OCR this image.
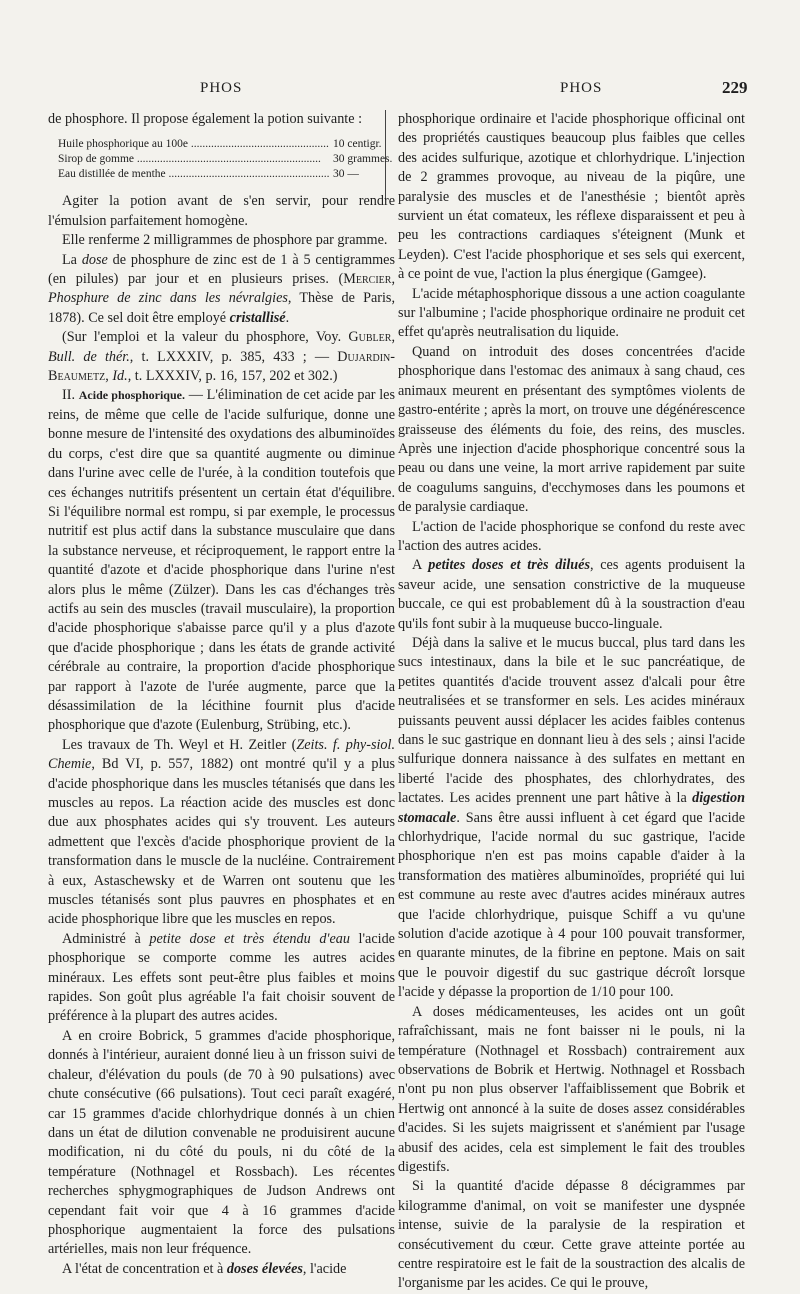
PHOS	PHOS	229

de phosphore. Il propose également la potion suivante :

Huile phosphorique au 100e .....	10 centigr.
Sirop de gomme .....	30 grammes.
Eau distillée de menthe .....	30 —

Agiter la potion avant de s'en servir, pour rendre l'émulsion parfaitement homogène.

Elle renferme 2 milligrammes de phosphore par gramme.

La dose de phosphure de zinc est de 1 à 5 centigrammes (en pilules) par jour et en plusieurs prises. (Mercier, Phosphure de zinc dans les névralgies, Thèse de Paris, 1878). Ce sel doit être employé cristallisé.

(Sur l'emploi et la valeur du phosphore, Voy. Gubler, Bull. de thér., t. LXXXIV, p. 385, 433 ; — Dujardin-Beaumetz, Id., t. LXXXIV, p. 16, 157, 202 et 302.)

II. Acide phosphorique. — L'élimination de cet acide par les reins, de même que celle de l'acide sulfurique, donne une bonne mesure de l'intensité des oxydations des albuminoïdes du corps, c'est dire que sa quantité augmente ou diminue dans l'urine avec celle de l'urée, à la condition toutefois que ces échanges nutritifs présentent un certain état d'équilibre. Si l'équilibre normal est rompu, si par exemple, le processus nutritif est plus actif dans la substance musculaire que dans la substance nerveuse, et réciproquement, le rapport entre la quantité d'azote et d'acide phosphorique dans l'urine n'est alors plus le même (Zülzer). Dans les cas d'échanges très actifs au sein des muscles (travail musculaire), la proportion d'acide phosphorique s'abaisse parce qu'il y a plus d'azote que d'acide phosphorique ; dans les états de grande activité cérébrale au contraire, la proportion d'acide phosphorique par rapport à l'azote de l'urée augmente, parce que la désassimilation de la lécithine fournit plus d'acide phosphorique que d'azote (Eulenburg, Strübing, etc.).

Les travaux de Th. Weyl et H. Zeitler (Zeits. f. phy-siol. Chemie, Bd VI, p. 557, 1882) ont montré qu'il y a plus d'acide phosphorique dans les muscles tétanisés que dans les muscles au repos. La réaction acide des muscles est donc due aux phosphates acides qui s'y trouvent. Les auteurs admettent que l'excès d'acide phosphorique provient de la transformation dans le muscle de la nucléine. Contrairement à eux, Astaschewsky et de Warren ont soutenu que les muscles tétanisés sont plus pauvres en phosphates et en acide phosphorique libre que les muscles en repos.

Administré à petite dose et très étendu d'eau l'acide phosphorique se comporte comme les autres acides minéraux. Les effets sont peut-être plus faibles et moins rapides. Son goût plus agréable l'a fait choisir souvent de préférence à la plupart des autres acides.

A en croire Bobrick, 5 grammes d'acide phosphorique, donnés à l'intérieur, auraient donné lieu à un frisson suivi de chaleur, d'élévation du pouls (de 70 à 90 pulsations) avec chute consécutive (66 pulsations). Tout ceci paraît exagéré, car 15 grammes d'acide chlorhydrique donnés à un chien dans un état de dilution convenable ne produisirent aucune modification, ni du côté du pouls, ni du côté de la température (Nothnagel et Rossbach). Les récentes recherches sphygmographiques de Judson Andrews ont cependant fait voir que 4 à 16 grammes d'acide phosphorique augmentaient la force des pulsations artérielles, mais non leur fréquence.

A l'état de concentration et à doses élevées, l'acide

phosphorique ordinaire et l'acide phosphorique officinal ont des propriétés caustiques beaucoup plus faibles que celles des acides sulfurique, azotique et chlorhydrique. L'injection de 2 grammes provoque, au niveau de la piqûre, une paralysie des muscles et de l'anesthésie ; bientôt après survient un état comateux, les réflexe disparaissent et peu à peu les contractions cardiaques s'éteignent (Munk et Leyden). C'est l'acide phosphorique et ses sels qui exercent, à ce point de vue, l'action la plus énergique (Gamgee).

L'acide métaphosphorique dissous a une action coagulante sur l'albumine ; l'acide phosphorique ordinaire ne produit cet effet qu'après neutralisation du liquide.

Quand on introduit des doses concentrées d'acide phosphorique dans l'estomac des animaux à sang chaud, ces animaux meurent en présentant des symptômes violents de gastro-entérite ; après la mort, on trouve une dégénérescence graisseuse des éléments du foie, des reins, des muscles. Après une injection d'acide phosphorique concentré sous la peau ou dans une veine, la mort arrive rapidement par suite de coagulums sanguins, d'ecchymoses dans les poumons et de paralysie cardiaque.

L'action de l'acide phosphorique se confond du reste avec l'action des autres acides.

A petites doses et très dilués, ces agents produisent la saveur acide, une sensation constrictive de la muqueuse buccale, ce qui est probablement dû à la soustraction d'eau qu'ils font subir à la muqueuse bucco-linguale.

Déjà dans la salive et le mucus buccal, plus tard dans les sucs intestinaux, dans la bile et le suc pancréatique, de petites quantités d'acide trouvent assez d'alcali pour être neutralisées et se transformer en sels. Les acides minéraux puissants peuvent aussi déplacer les acides faibles contenus dans le suc gastrique en donnant lieu à des sels ; ainsi l'acide sulfurique donnera naissance à des sulfates en mettant en liberté l'acide des phosphates, des chlorhydrates, des lactates. Les acides prennent une part hâtive à la digestion stomacale. Sans être aussi influent à cet égard que l'acide chlorhydrique, l'acide normal du suc gastrique, l'acide phosphorique n'en est pas moins capable d'aider à la transformation des matières albuminoïdes, propriété qui lui est commune au reste avec d'autres acides minéraux autres que l'acide chlorhydrique, puisque Schiff a vu qu'une solution d'acide azotique à 4 pour 100 pouvait transformer, en quarante minutes, de la fibrine en peptone. Mais on sait que le pouvoir digestif du suc gastrique décroît lorsque l'acide y dépasse la proportion de 1/10 pour 100.

A doses médicamenteuses, les acides ont un goût rafraîchissant, mais ne font baisser ni le pouls, ni la température (Nothnagel et Rossbach) contrairement aux observations de Bobrik et Hertwig. Nothnagel et Rossbach n'ont pu non plus observer l'affaiblissement que Bobrik et Hertwig ont annoncé à la suite de doses assez considérables d'acides. Si les sujets maigrissent et s'anémient par l'usage abusif des acides, cela est simplement le fait des troubles digestifs.

Si la quantité d'acide dépasse 8 décigrammes par kilogramme d'animal, on voit se manifester une dyspnée intense, suivie de la paralysie de la respiration et consécutivement du cœur. Cette grave atteinte portée au centre respiratoire est le fait de la soustraction des alcalis de l'organisme par les acides. Ce qui le prouve,
